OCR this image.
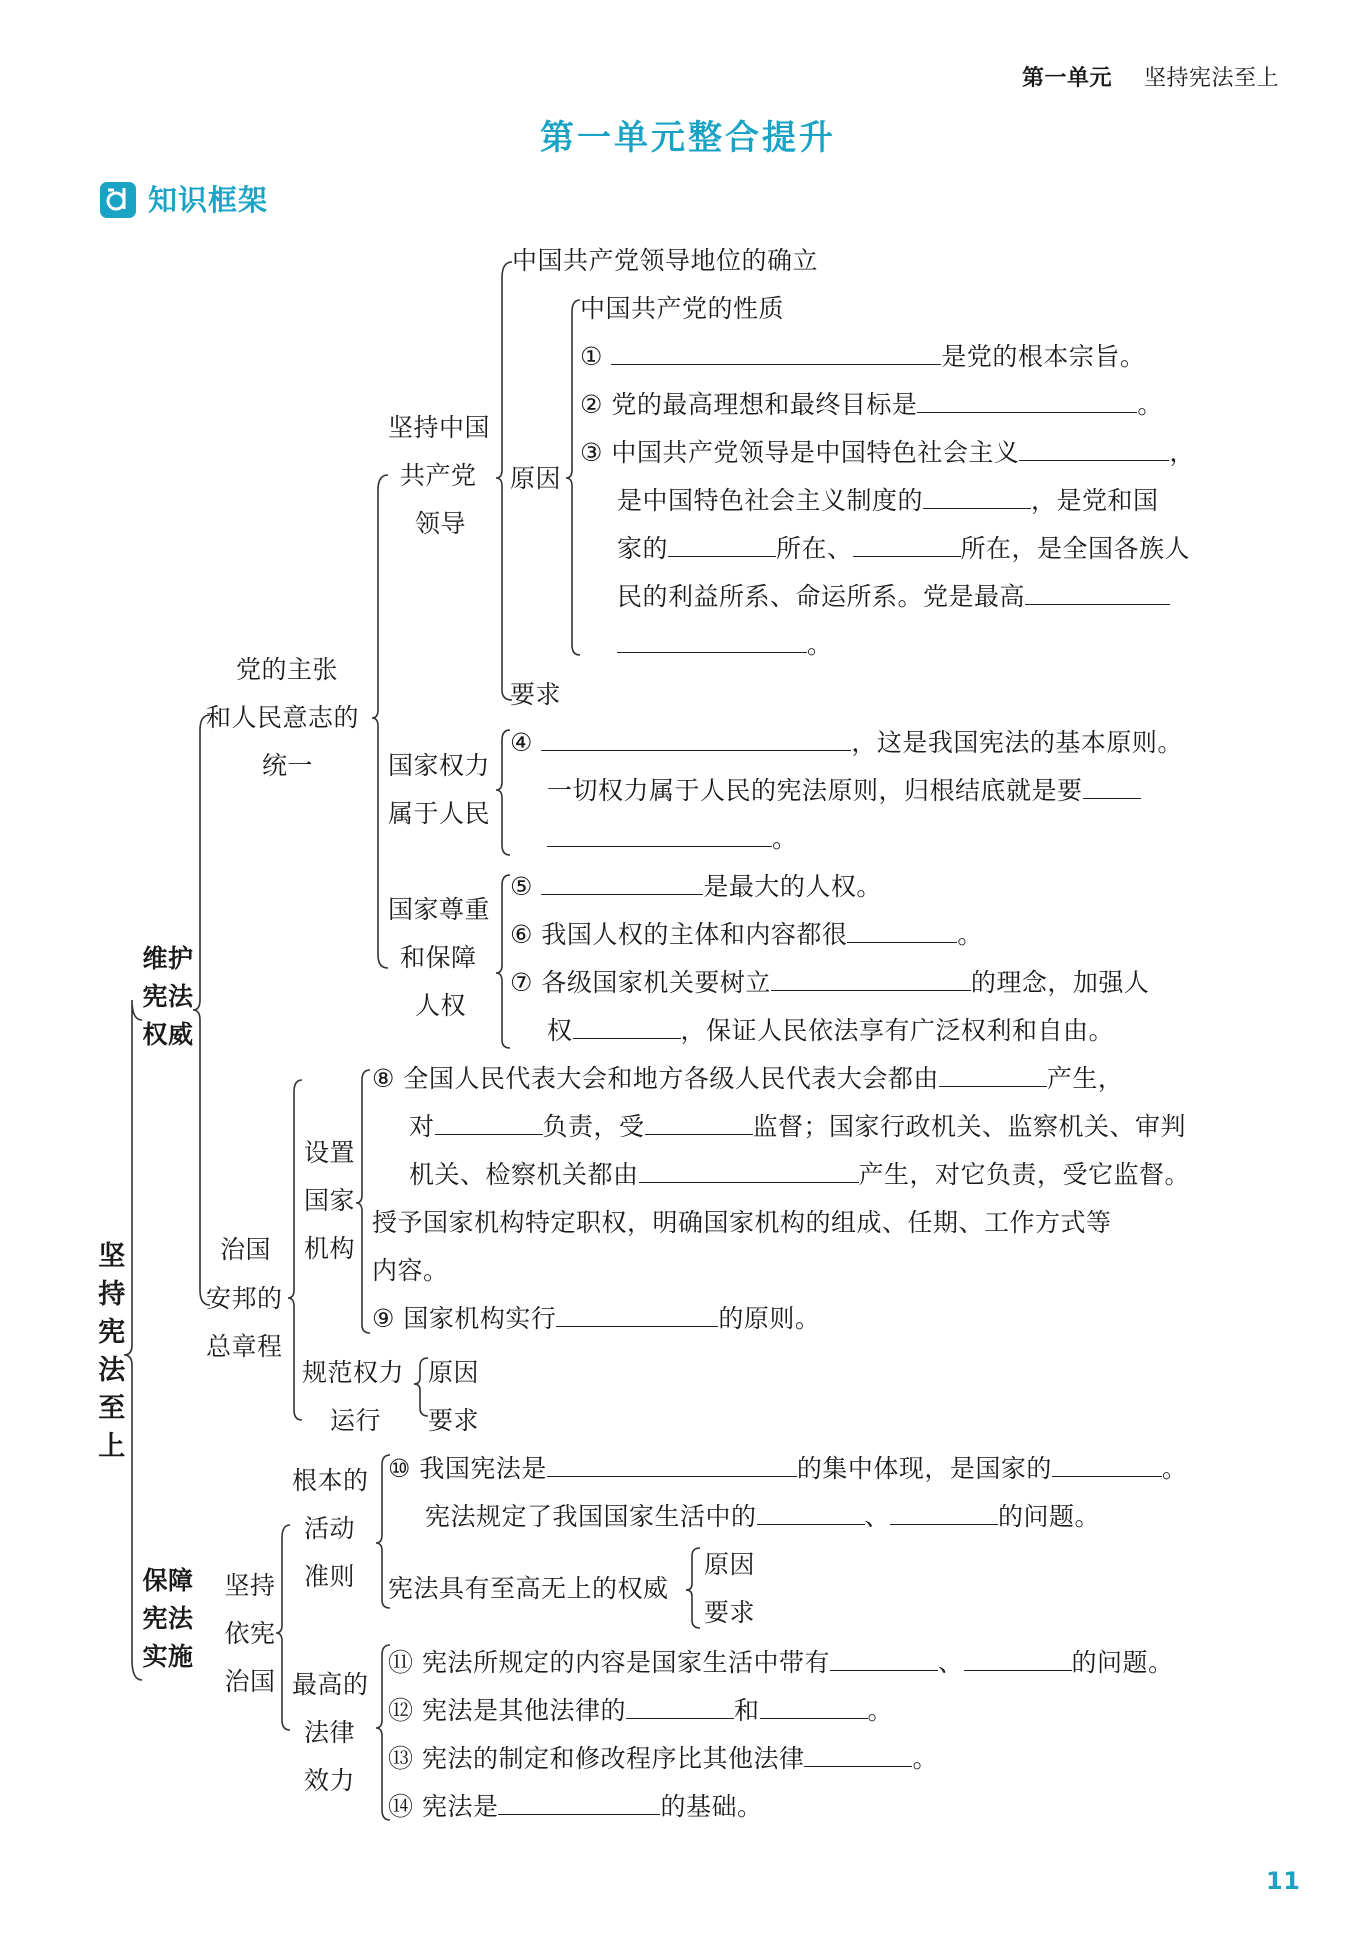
第一单元 坚持宪法至上
第一单元整合提升
知识框架
坚持宪法至上
维护宪法权威
保障宪法实施
党的主张
和人民意志的
统一
治国
安邦的
总章程
坚持依宪治国
坚持中国
共产党
领导
中国共产党领导地位的确立
中国共产党的性质
原因
要求
①	是党的根本宗旨。
② 党的最高理想和最终目标是	。
③ 中国共产党领导是中国特色社会主义	，
是中国特色社会主义制度的	，是党和国
家的	所在、	所在，是全国各族人
民的利益所系、命运所系。党是最高
。
国家权力
属于人民
④	，这是我国宪法的基本原则。
一切权力属于人民的宪法原则，归根结底就是要
。
国家尊重
和保障
人权
⑤	是最大的人权。
⑥ 我国人权的主体和内容都很	。
⑦ 各级国家机关要树立	的理念，加强人
权	，保证人民依法享有广泛权利和自由。
设置
国家
机构
⑧ 全国人民代表大会和地方各级人民代表大会都由	产生，
对	负责，受	监督；国家行政机关、监察机关、审判
机关、检察机关都由	产生，对它负责，受它监督。
授予国家机构特定职权，明确国家机构的组成、任期、工作方式等
内容。
⑨ 国家机构实行	的原则。
规范权力
运行
原因
要求
根本的
活动
准则
⑩ 我国宪法是	的集中体现，是国家的	。
宪法规定了我国国家生活中的	、	的问题。
宪法具有至高无上的权威
原因
要求
最高的
法律
效力
⑪ 宪法所规定的内容是国家生活中带有	、	的问题。
⑫ 宪法是其他法律的	和	。
⑬ 宪法的制定和修改程序比其他法律	。
⑭ 宪法是	的基础。
11
